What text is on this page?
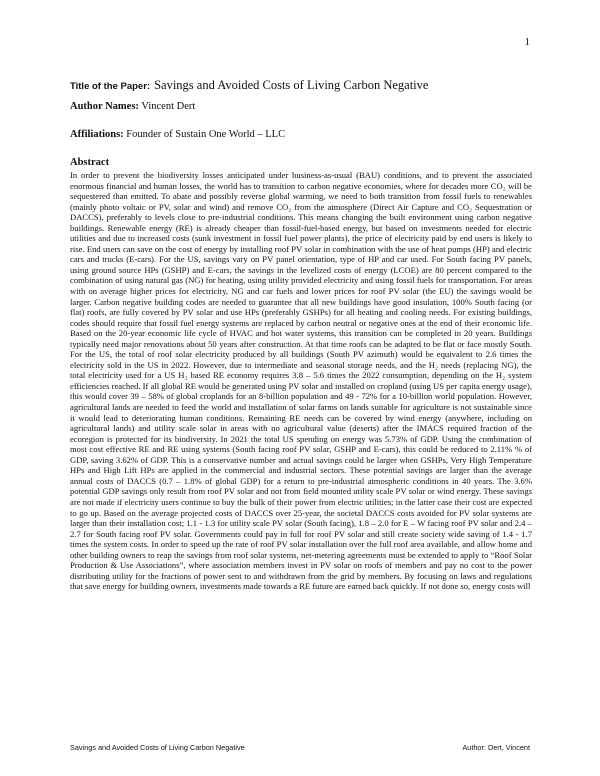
1
Title of the Paper: Savings and Avoided Costs of Living Carbon Negative
Author Names: Vincent Dert
Affiliations: Founder of Sustain One World – LLC
Abstract
In order to prevent the biodiversity losses anticipated under business-as-usual (BAU) conditions, and to prevent the associated enormous financial and human losses, the world has to transition to carbon negative economies, where for decades more CO₂ will be sequestered than emitted. To abate and possibly reverse global warming, we need to both transition from fossil fuels to renewables (mainly photo voltaic or PV, solar and wind) and remove CO₂ from the atmosphere (Direct Air Capture and CO₂ Sequestration or DACCS), preferably to levels close to pre-industrial conditions. This means changing the built environment using carbon negative buildings. Renewable energy (RE) is already cheaper than fossil-fuel-based energy, but based on investments needed for electric utilities and due to increased costs (sunk investment in fossil fuel power plants), the price of electricity paid by end users is likely to rise. End users can save on the cost of energy by installing roof PV solar in combination with the use of heat pumps (HP) and electric cars and trucks (E-cars). For the US, savings vary on PV panel orientation, type of HP and car used. For South facing PV panels, using ground source HPs (GSHP) and E-cars, the savings in the levelized costs of energy (LCOE) are 80 percent compared to the combination of using natural gas (NG) for heating, using utility provided electricity and using fossil fuels for transportation. For areas with on average higher prices for electricity, NG and car fuels and lower prices for roof PV solar (the EU) the savings would be larger. Carbon negative building codes are needed to guarantee that all new buildings have good insulation, 100% South facing (or flat) roofs, are fully covered by PV solar and use HPs (preferably GSHPs) for all heating and cooling needs. For existing buildings, codes should require that fossil fuel energy systems are replaced by carbon neutral or negative ones at the end of their economic life. Based on the 20-year economic life cycle of HVAC and hot water systems, this transition can be completed in 20 years. Buildings typically need major renovations about 50 years after construction. At that time roofs can be adapted to be flat or face mostly South. For the US, the total of roof solar electricity produced by all buildings (South PV azimuth) would be equivalent to 2.6 times the electricity sold in the US in 2022. However, due to intermediate and seasonal storage needs, and the H₂ needs (replacing NG), the total electricity used for a US H₂ based RE economy requires 3.8 – 5.6 times the 2022 consumption, depending on the H₂ system efficiencies reached. If all global RE would be generated using PV solar and installed on cropland (using US per capita energy usage), this would cover 39 – 58% of global croplands for an 8-billion population and 49 - 72% for a 10-billion world population. However, agricultural lands are needed to feed the world and installation of solar farms on lands suitable for agriculture is not sustainable since it would lead to deteriorating human conditions. Remaining RE needs can be covered by wind energy (anywhere, including on agricultural lands) and utility scale solar in areas with no agricultural value (deserts) after the IMACS required fraction of the ecoregion is protected for its biodiversity. In 2021 the total US spending on energy was 5.73% of GDP. Using the combination of most cost effective RE and RE using systems (South facing roof PV solar, GSHP and E-cars), this could be reduced to 2.11% % of GDP, saving 3.62% of GDP. This is a conservative number and actual savings could be larger when GSHPs, Very High Temperature HPs and High Lift HPs are applied in the commercial and industrial sectors. These potential savings are larger than the average annual costs of DACCS (0.7 – 1.8% of global GDP) for a return to pre-industrial atmospheric conditions in 40 years. The 3.6% potential GDP savings only result from roof PV solar and not from field mounted utility scale PV solar or wind energy. These savings are not made if electricity users continue to buy the bulk of their power from electric utilities; in the latter case their cost are expected to go up. Based on the average projected costs of DACCS over 25-year, the societal DACCS costs avoided for PV solar systems are larger than their installation cost; 1.1 - 1.3 for utility scale PV solar (South facing), 1.8 – 2.0 for E – W facing roof PV solar and 2.4 – 2.7 for South facing roof PV solar. Governments could pay in full for roof PV solar and still create society wide saving of 1.4 - 1.7 times the system costs. In order to speed up the rate of roof PV solar installation over the full roof area available, and allow home and other building owners to reap the savings from roof solar systems, net-metering agreements must be extended to apply to “Roof Solar Production & Use Associations”, where association members invest in PV solar on roofs of members and pay no cost to the power distributing utility for the fractions of power sent to and withdrawn from the grid by members. By focusing on laws and regulations that save energy for building owners, investments made towards a RE future are earned back quickly. If not done so, energy costs will
Savings and Avoided Costs of Living Carbon Negative	Author: Dert, Vincent
